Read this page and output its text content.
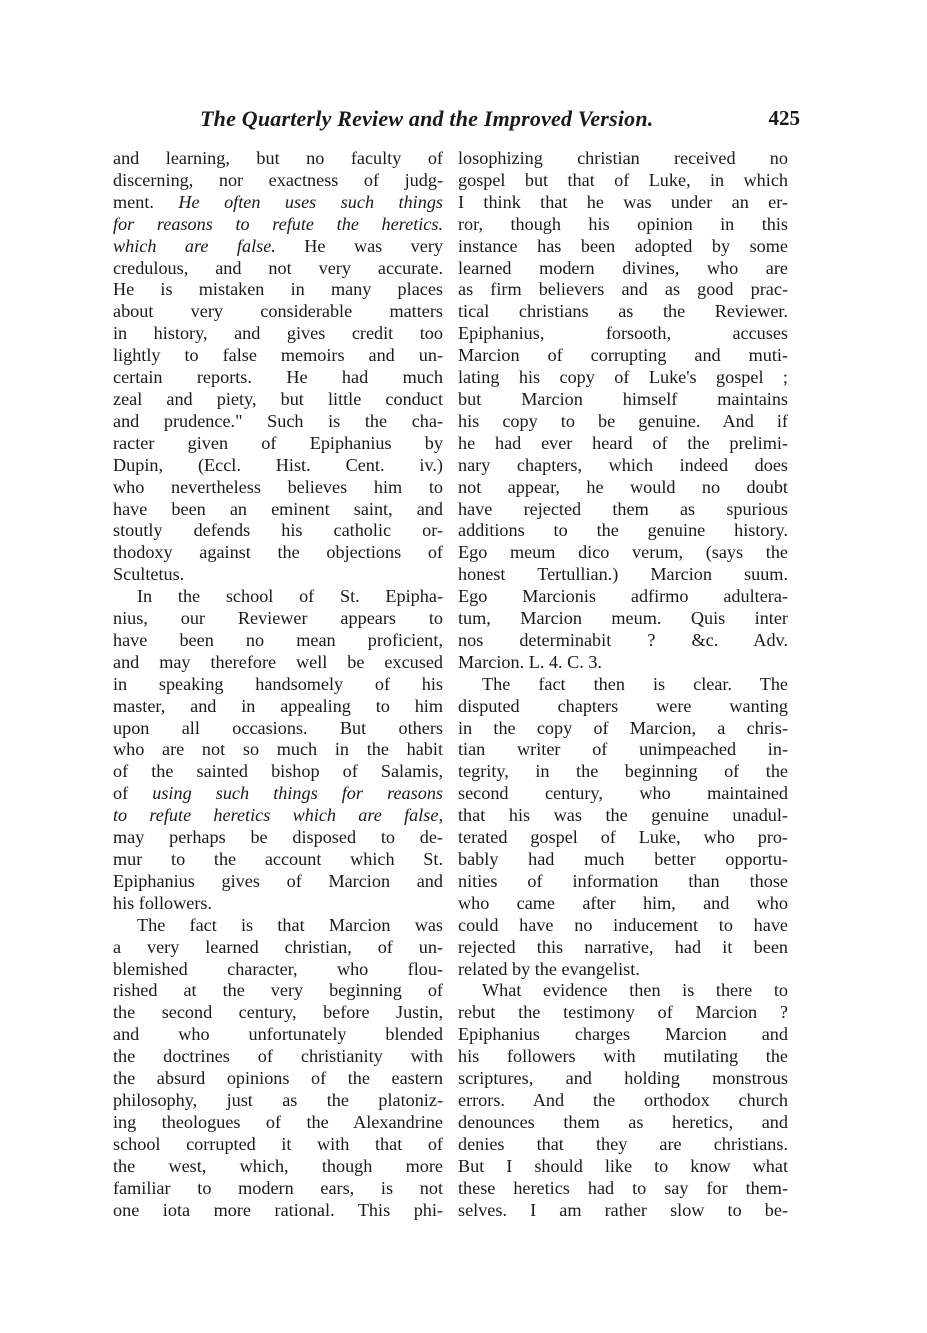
The Quarterly Review and the Improved Version.	425
and learning, but no faculty of
discerning, nor exactness of judg-
ment. He often uses such things
for reasons to refute the heretics.
which are false. He was very
credulous, and not very accurate.
He is mistaken in many places
about very considerable matters
in history, and gives credit too
lightly to false memoirs and un-
certain reports. He had much
zeal and piety, but little conduct
and prudence." Such is the cha-
racter given of Epiphanius by
Dupin, (Eccl. Hist. Cent. iv.)
who nevertheless believes him to
have been an eminent saint, and
stoutly defends his catholic or-
thodoxy against the objections of
Scultetus.
In the school of St. Epipha-
nius, our Reviewer appears to
have been no mean proficient,
and may therefore well be excused
in speaking handsomely of his
master, and in appealing to him
upon all occasions. But others
who are not so much in the habit
of the sainted bishop of Salamis,
of using such things for reasons
to refute heretics which are false,
may perhaps be disposed to de-
mur to the account which St.
Epiphanius gives of Marcion and
his followers.
The fact is that Marcion was
a very learned christian, of un-
blemished character, who flou-
rished at the very beginning of
the second century, before Justin,
and who unfortunately blended
the doctrines of christianity with
the absurd opinions of the eastern
philosophy, just as the platoniz-
ing theologues of the Alexandrine
school corrupted it with that of
the west, which, though more
familiar to modern ears, is not
one iota more rational. This phi-
losophizing christian received no
gospel but that of Luke, in which
I think that he was under an er-
ror, though his opinion in this
instance has been adopted by some
learned modern divines, who are
as firm believers and as good prac-
tical christians as the Reviewer.
Epiphanius, forsooth, accuses
Marcion of corrupting and muti-
lating his copy of Luke's gospel ;
but Marcion himself maintains
his copy to be genuine. And if
he had ever heard of the prelimi-
nary chapters, which indeed does
not appear, he would no doubt
have rejected them as spurious
additions to the genuine history.
Ego meum dico verum, (says the
honest Tertullian.) Marcion suum.
Ego Marcionis adfirmo adultera-
tum, Marcion meum. Quis inter
nos determinabit ? &c. Adv.
Marcion. L. 4. C. 3.
The fact then is clear. The
disputed chapters were wanting
in the copy of Marcion, a chris-
tian writer of unimpeached in-
tegrity, in the beginning of the
second century, who maintained
that his was the genuine unadul-
terated gospel of Luke, who pro-
bably had much better opportu-
nities of information than those
who came after him, and who
could have no inducement to have
rejected this narrative, had it been
related by the evangelist.
What evidence then is there to
rebut the testimony of Marcion ?
Epiphanius charges Marcion and
his followers with mutilating the
scriptures, and holding monstrous
errors. And the orthodox church
denounces them as heretics, and
denies that they are christians.
But I should like to know what
these heretics had to say for them-
selves. I am rather slow to be-
